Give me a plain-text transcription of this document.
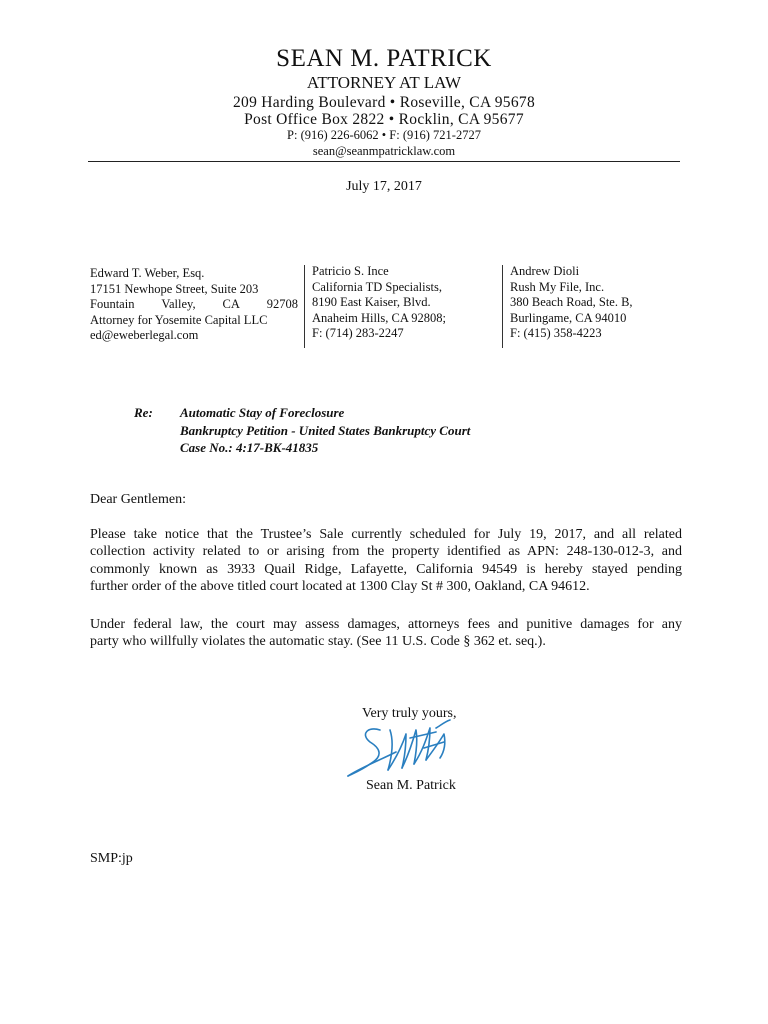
SEAN M. PATRICK
ATTORNEY AT LAW
209 Harding Boulevard • Roseville, CA 95678
Post Office Box 2822 • Rocklin, CA 95677
P: (916) 226-6062 • F: (916) 721-2727
sean@seanmpatricklaw.com
July 17, 2017
Edward T. Weber, Esq.
17151 Newhope Street, Suite 203
Fountain Valley, CA 92708
Attorney for Yosemite Capital LLC
ed@eweberlegal.com
Patricio S. Ince
California TD Specialists,
8190 East Kaiser, Blvd.
Anaheim Hills, CA 92808;
F: (714) 283-2247
Andrew Dioli
Rush My File, Inc.
380 Beach Road, Ste. B,
Burlingame, CA 94010
F: (415) 358-4223
Re: Automatic Stay of Foreclosure
Bankruptcy Petition - United States Bankruptcy Court
Case No.: 4:17-BK-41835
Dear Gentlemen:
Please take notice that the Trustee’s Sale currently scheduled for July 19, 2017, and all related
collection activity related to or arising from the property identified as APN: 248-130-012-3, and
commonly known as 3933 Quail Ridge, Lafayette, California 94549 is hereby stayed pending
further order of the above titled court located at 1300 Clay St # 300, Oakland, CA 94612.
Under federal law, the court may assess damages, attorneys fees and punitive damages for any
party who willfully violates the automatic stay. (See 11 U.S. Code § 362 et. seq.).
Very truly yours,
Sean M. Patrick
SMP:jp
